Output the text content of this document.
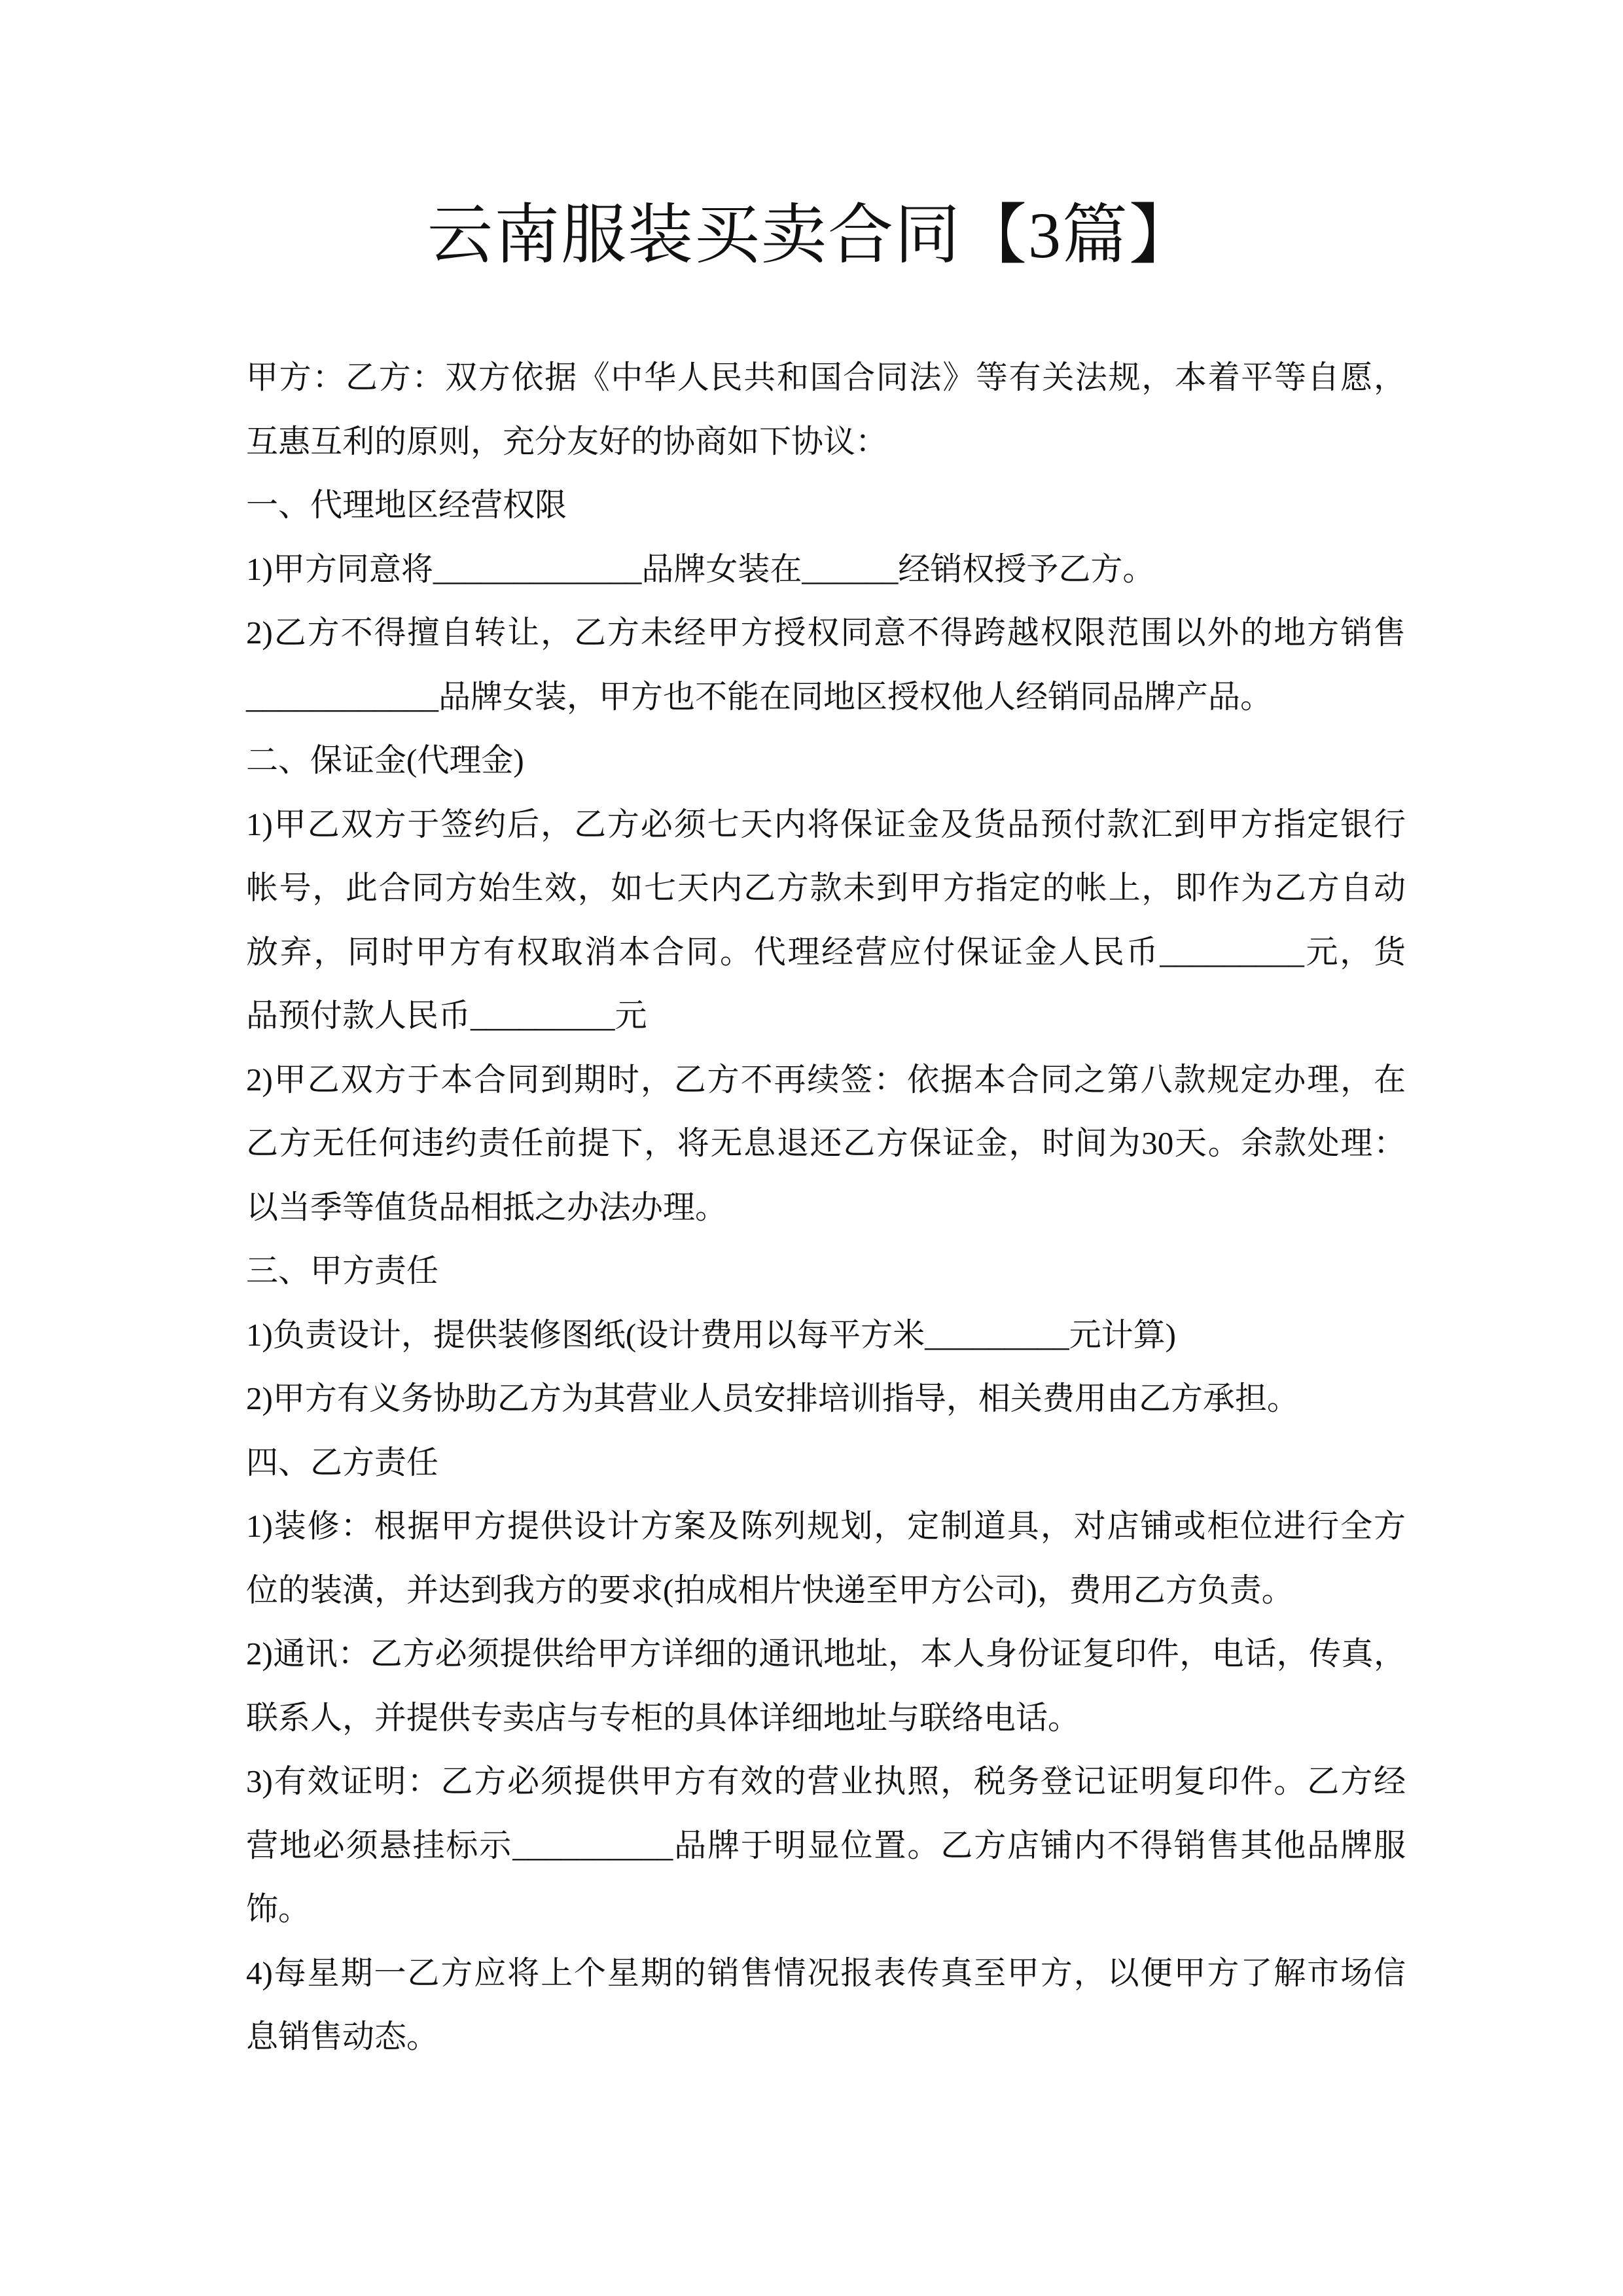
云南服装买卖合同【3篇】
甲方：乙方：双方依据《中华人民共和国合同法》等有关法规，本着平等自愿，
互惠互利的原则，充分友好的协商如下协议：
一、代理地区经营权限
1)甲方同意将_____________品牌女装在______经销权授予乙方。
2)乙方不得擅自转让，乙方未经甲方授权同意不得跨越权限范围以外的地方销售
____________品牌女装，甲方也不能在同地区授权他人经销同品牌产品。
二、保证金(代理金)
1)甲乙双方于签约后，乙方必须七天内将保证金及货品预付款汇到甲方指定银行
帐号，此合同方始生效，如七天内乙方款未到甲方指定的帐上，即作为乙方自动
放弃，同时甲方有权取消本合同。代理经营应付保证金人民币_________元，货
品预付款人民币_________元
2)甲乙双方于本合同到期时，乙方不再续签：依据本合同之第八款规定办理，在
乙方无任何违约责任前提下，将无息退还乙方保证金，时间为30天。余款处理：
以当季等值货品相抵之办法办理。
三、甲方责任
1)负责设计，提供装修图纸(设计费用以每平方米_________元计算)
2)甲方有义务协助乙方为其营业人员安排培训指导，相关费用由乙方承担。
四、乙方责任
1)装修：根据甲方提供设计方案及陈列规划，定制道具，对店铺或柜位进行全方
位的装潢，并达到我方的要求(拍成相片快递至甲方公司)，费用乙方负责。
2)通讯：乙方必须提供给甲方详细的通讯地址，本人身份证复印件，电话，传真，
联系人，并提供专卖店与专柜的具体详细地址与联络电话。
3)有效证明：乙方必须提供甲方有效的营业执照，税务登记证明复印件。乙方经
营地必须悬挂标示__________品牌于明显位置。乙方店铺内不得销售其他品牌服
饰。
4)每星期一乙方应将上个星期的销售情况报表传真至甲方，以便甲方了解市场信
息销售动态。
